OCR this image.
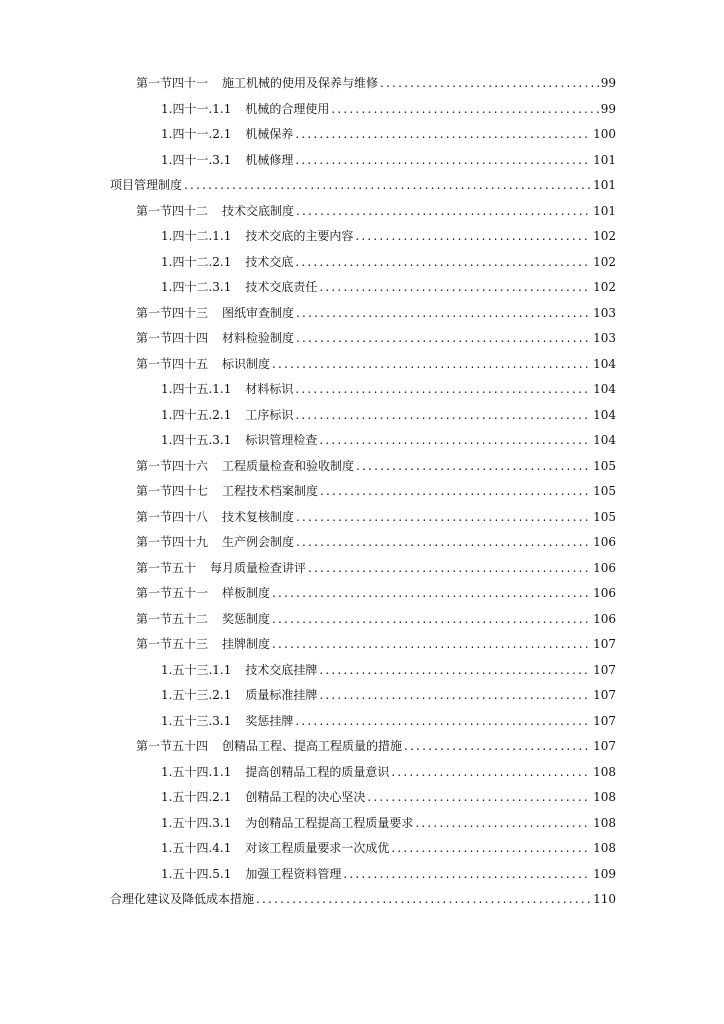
第一节四十一 施工机械的使用及保养与维修 .....	99
1.四十一.1.1 机械的合理使用 .....	99
1.四十一.2.1 机械保养 .....	100
1.四十一.3.1 机械修理 .....	101
项目管理制度 .....	101
第一节四十二 技术交底制度 .....	101
1.四十二.1.1 技术交底的主要内容 .....	102
1.四十二.2.1 技术交底 .....	102
1.四十二.3.1 技术交底责任 .....	102
第一节四十三 图纸审查制度 .....	103
第一节四十四 材料检验制度 .....	103
第一节四十五 标识制度 .....	104
1.四十五.1.1 材料标识 .....	104
1.四十五.2.1 工序标识 .....	104
1.四十五.3.1 标识管理检查 .....	104
第一节四十六 工程质量检查和验收制度 .....	105
第一节四十七 工程技术档案制度 .....	105
第一节四十八 技术复核制度 .....	105
第一节四十九 生产例会制度 .....	106
第一节五十 每月质量检查讲评 .....	106
第一节五十一 样板制度 .....	106
第一节五十二 奖惩制度 .....	106
第一节五十三 挂牌制度 .....	107
1.五十三.1.1 技术交底挂牌 .....	107
1.五十三.2.1 质量标准挂牌 .....	107
1.五十三.3.1 奖惩挂牌 .....	107
第一节五十四 创精品工程、提高工程质量的措施 .....	107
1.五十四.1.1 提高创精品工程的质量意识 .....	108
1.五十四.2.1 创精品工程的决心坚决 .....	108
1.五十四.3.1 为创精品工程提高工程质量要求 .....	108
1.五十四.4.1 对该工程质量要求一次成优 .....	108
1.五十四.5.1 加强工程资料管理 .....	109
合理化建议及降低成本措施 .....	110
